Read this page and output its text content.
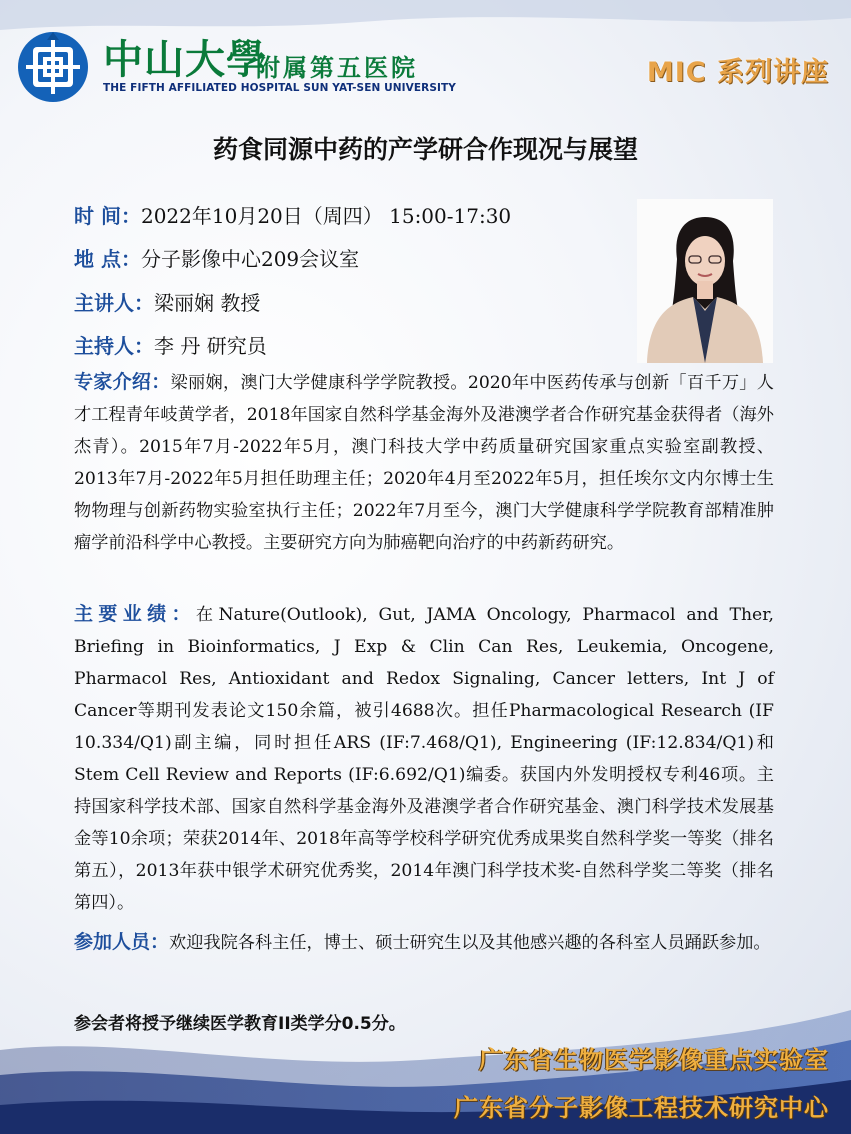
中山大學
附属第五医院
THE FIFTH AFFILIATED HOSPITAL SUN YAT-SEN UNIVERSITY	MIC 系列讲座
药食同源中药的产学研合作现况与展望
时 间：2022年10月20日（周四） 15:00-17:30
地 点：分子影像中心209会议室
主讲人：梁丽娴 教授
主持人：李 丹 研究员
专家介绍：梁丽娴，澳门大学健康科学学院教授。2020年中医药传承与创新「百千万」人才工程青年岐黄学者，2018年国家自然科学基金海外及港澳学者合作研究基金获得者（海外杰青）。2015年7月-2022年5月，澳门科技大学中药质量研究国家重点实验室副教授、2013年7月-2022年5月担任助理主任；2020年4月至2022年5月，担任埃尔文内尔博士生物物理与创新药物实验室执行主任；2022年7月至今，澳门大学健康科学学院教育部精准肿瘤学前沿科学中心教授。主要研究方向为肺癌靶向治疗的中药新药研究。
主要业绩：在Nature(Outlook), Gut, JAMA Oncology, Pharmacol and Ther, Briefing in Bioinformatics, J Exp & Clin Can Res, Leukemia, Oncogene, Pharmacol Res, Antioxidant and Redox Signaling, Cancer letters, Int J of Cancer等期刊发表论文150余篇，被引4688次。担任Pharmacological Research (IF 10.334/Q1)副主编，同时担任ARS (IF:7.468/Q1), Engineering (IF:12.834/Q1)和Stem Cell Review and Reports (IF:6.692/Q1)编委。获国内外发明授权专利46项。主持国家科学技术部、国家自然科学基金海外及港澳学者合作研究基金、澳门科学技术发展基金等10余项；荣获2014年、2018年高等学校科学研究优秀成果奖自然科学奖一等奖（排名第五），2013年获中银学术研究优秀奖，2014年澳门科学技术奖-自然科学奖二等奖（排名第四）。
参加人员：欢迎我院各科主任，博士、硕士研究生以及其他感兴趣的各科室人员踊跃参加。
参会者将授予继续医学教育II类学分0.5分。
广东省生物医学影像重点实验室
广东省分子影像工程技术研究中心
